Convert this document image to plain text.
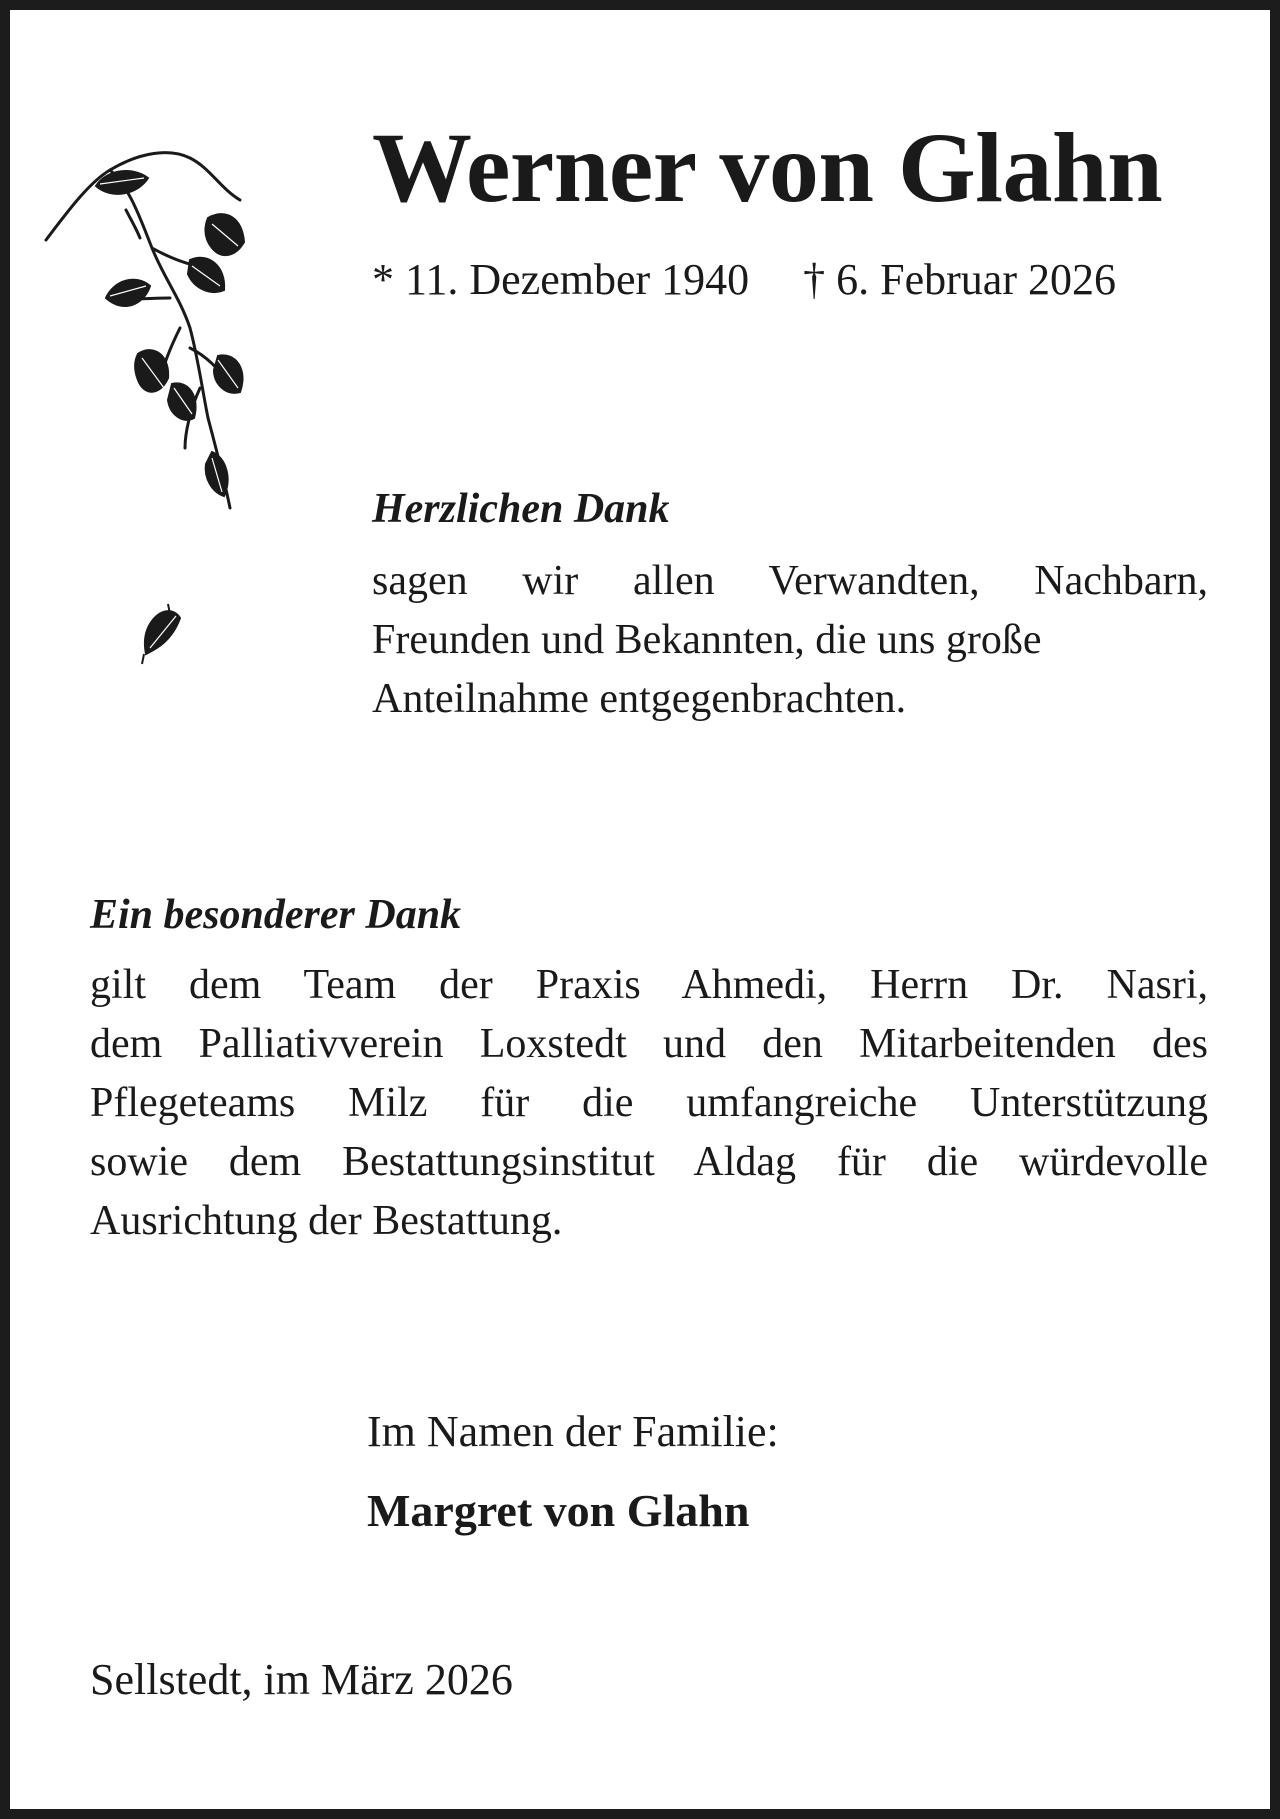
Werner von Glahn
* 11. Dezember 1940 † 6. Februar 2026
Herzlichen Dank
sagen wir allen Verwandten, Nachbarn,
Freunden und Bekannten, die uns große
Anteilnahme entgegenbrachten.
Ein besonderer Dank
gilt dem Team der Praxis Ahmedi, Herrn Dr. Nasri,
dem Palliativverein Loxstedt und den Mitarbeitenden des
Pflegeteams Milz für die umfangreiche Unterstützung
sowie dem Bestattungsinstitut Aldag für die würdevolle
Ausrichtung der Bestattung.
Im Namen der Familie:
Margret von Glahn
Sellstedt, im März 2026
